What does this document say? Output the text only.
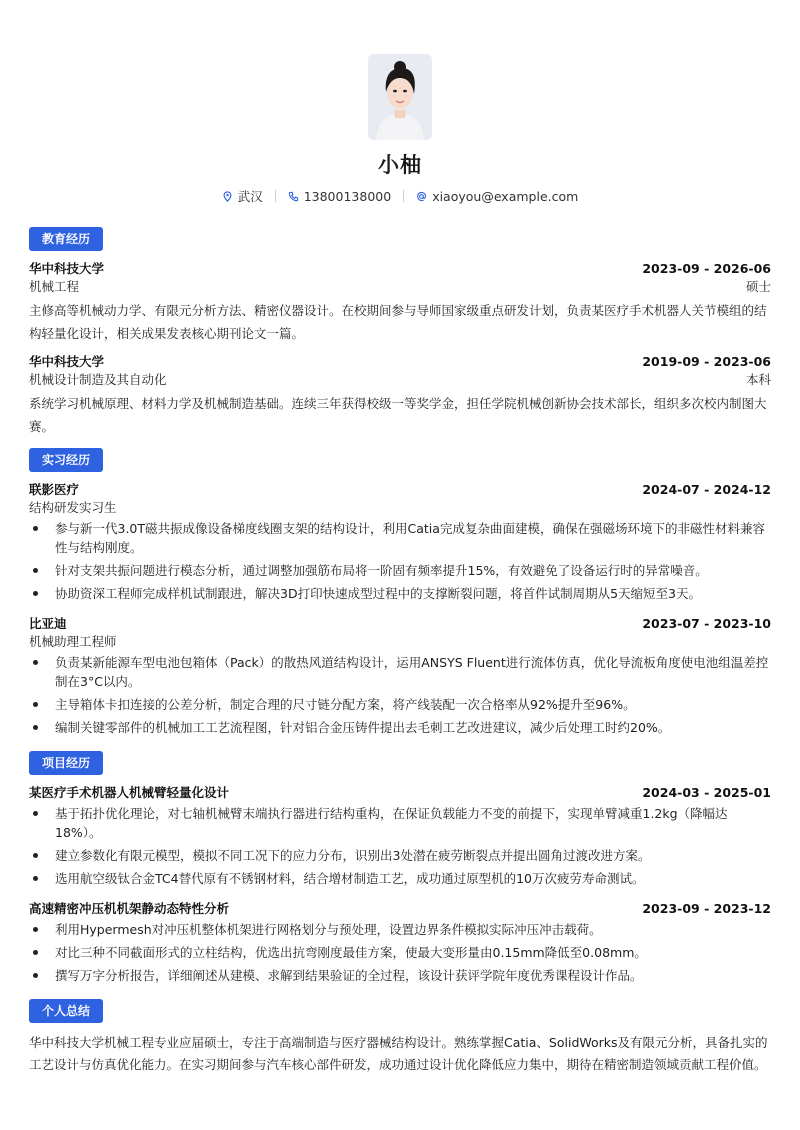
小柚
武汉	13800138000	xiaoyou@example.com
教育经历
华中科技大学	2023-09 - 2026-06
机械工程	硕士
主修高等机械动力学、有限元分析方法、精密仪器设计。在校期间参与导师国家级重点研发计划，负责某医疗手术机器人关节模组的结构轻量化设计，相关成果发表核心期刊论文一篇。
华中科技大学	2019-09 - 2023-06
机械设计制造及其自动化	本科
系统学习机械原理、材料力学及机械制造基础。连续三年获得校级一等奖学金，担任学院机械创新协会技术部长，组织多次校内制图大赛。
实习经历
联影医疗	2024-07 - 2024-12
结构研发实习生
参与新一代3.0T磁共振成像设备梯度线圈支架的结构设计，利用Catia完成复杂曲面建模，确保在强磁场环境下的非磁性材料兼容性与结构刚度。
针对支架共振问题进行模态分析，通过调整加强筋布局将一阶固有频率提升15%，有效避免了设备运行时的异常噪音。
协助资深工程师完成样机试制跟进，解决3D打印快速成型过程中的支撑断裂问题，将首件试制周期从5天缩短至3天。
比亚迪	2023-07 - 2023-10
机械助理工程师
负责某新能源车型电池包箱体（Pack）的散热风道结构设计，运用ANSYS Fluent进行流体仿真，优化导流板角度使电池组温差控制在3°C以内。
主导箱体卡扣连接的公差分析，制定合理的尺寸链分配方案，将产线装配一次合格率从92%提升至96%。
编制关键零部件的机械加工工艺流程图，针对铝合金压铸件提出去毛刺工艺改进建议，减少后处理工时约20%。
项目经历
某医疗手术机器人机械臂轻量化设计	2024-03 - 2025-01
基于拓扑优化理论，对七轴机械臂末端执行器进行结构重构，在保证负载能力不变的前提下，实现单臂减重1.2kg（降幅达18%）。
建立参数化有限元模型，模拟不同工况下的应力分布，识别出3处潜在疲劳断裂点并提出圆角过渡改进方案。
选用航空级钛合金TC4替代原有不锈钢材料，结合增材制造工艺，成功通过原型机的10万次疲劳寿命测试。
高速精密冲压机机架静动态特性分析	2023-09 - 2023-12
利用Hypermesh对冲压机整体机架进行网格划分与预处理，设置边界条件模拟实际冲压冲击载荷。
对比三种不同截面形式的立柱结构，优选出抗弯刚度最佳方案，使最大变形量由0.15mm降低至0.08mm。
撰写万字分析报告，详细阐述从建模、求解到结果验证的全过程，该设计获评学院年度优秀课程设计作品。
个人总结
华中科技大学机械工程专业应届硕士，专注于高端制造与医疗器械结构设计。熟练掌握Catia、SolidWorks及有限元分析，具备扎实的工艺设计与仿真优化能力。在实习期间参与汽车核心部件研发，成功通过设计优化降低应力集中，期待在精密制造领域贡献工程价值。
